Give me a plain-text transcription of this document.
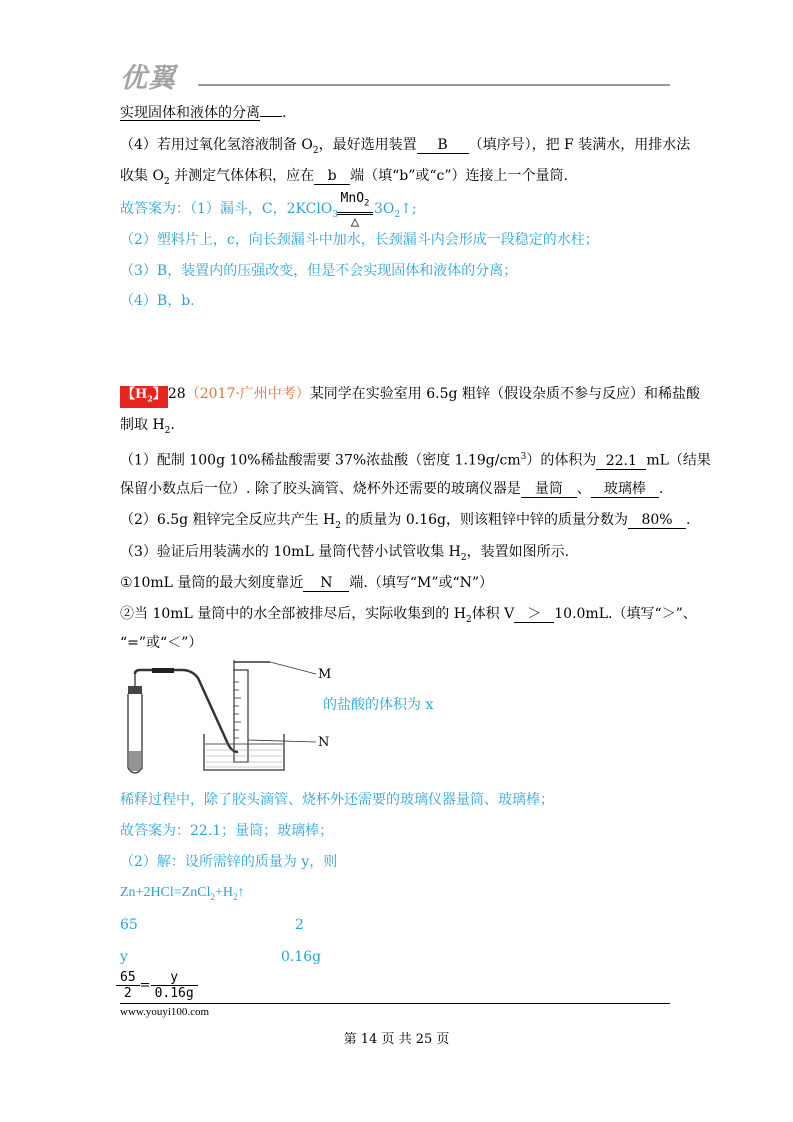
优翼
实现固体和液体的分离 .
（4）若用过氧化氢溶液制备 $O_2$，最好选用装置 B （填序号），把 F 装满水，用排水法
收集 $O_2$ 并测定气体体积，应在 b 端（填“b”或“c”）连接上一个量筒.
故答案为：（1）漏斗，C，2KClO$_3$
MnO$_2$
△
$3O_2↑$;
（2）塑料片上，c，向长颈漏斗中加水，长颈漏斗内会形成一段稳定的水柱；
（3）B，装置内的压强改变，但是不会实现固体和液体的分离；
（4）B，b.
【$H_2$】 28（2017·广州中考）某同学在实验室用 6.5g 粗锌（假设杂质不参与反应）和稀盐酸
制取 $H_2$.
（1）配制 100g 10%稀盐酸需要 37%浓盐酸（密度 $1.19g/cm^3$）的体积为 22.1 mL（结果
保留小数点后一位）. 除了胶头滴管、烧杯外还需要的玻璃仪器是 量筒 、 玻璃棒 .
（2）6.5g 粗锌完全反应共产生 $H_2$ 的质量为 0.16g，则该粗锌中锌的质量分数为 80% .
（3）验证后用装满水的 10mL 量筒代替小试管收集 $H_2$，装置如图所示.
①10mL 量筒的最大刻度靠近 N 端.（填写“M”或“N”）
②当 10mL 量筒中的水全部被排尽后，实际收集到的 $H_2$体积 V ＞ 10.0mL.（填写“＞”、
“=”或“＜”）
M
N
的盐酸的体积为 x
稀释过程中，除了胶头滴管、烧杯外还需要的玻璃仪器量筒、玻璃棒；
故答案为：22.1；量筒；玻璃棒；
（2）解：设所需锌的质量为 y，则
$Zn+2HCl=ZnCl_2+H_2↑$
65	2
y	0.16g
$\frac{65}{2} = \frac{y}{0.16g}$
www.youyi100.com
第 14 页 共 25 页
